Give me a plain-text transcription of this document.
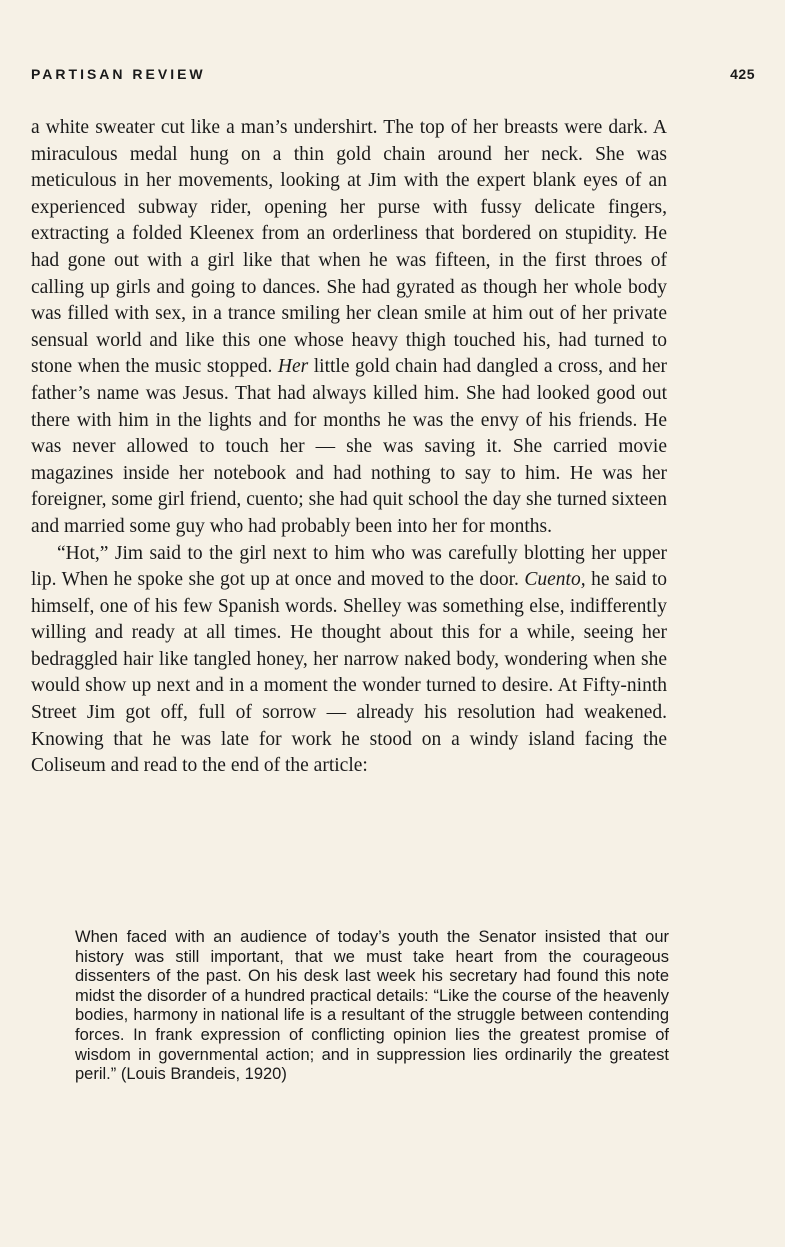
PARTISAN REVIEW	425

a white sweater cut like a man’s undershirt. The top of her breasts were dark. A miraculous medal hung on a thin gold chain around her neck. She was meticulous in her movements, looking at Jim with the expert blank eyes of an experienced subway rider, opening her purse with fussy delicate fingers, extracting a folded Kleenex from an orderliness that bordered on stupidity. He had gone out with a girl like that when he was fifteen, in the first throes of calling up girls and going to dances. She had gyrated as though her whole body was filled with sex, in a trance smiling her clean smile at him out of her private sensual world and like this one whose heavy thigh touched his, had turned to stone when the music stopped. Her little gold chain had dangled a cross, and her father’s name was Jesus. That had always killed him. She had looked good out there with him in the lights and for months he was the envy of his friends. He was never allowed to touch her — she was saving it. She carried movie magazines inside her notebook and had nothing to say to him. He was her foreigner, some girl friend, cuento; she had quit school the day she turned sixteen and married some guy who had probably been into her for months.

“Hot,” Jim said to the girl next to him who was carefully blotting her upper lip. When he spoke she got up at once and moved to the door. Cuento, he said to himself, one of his few Spanish words. Shelley was something else, indifferently willing and ready at all times. He thought about this for a while, seeing her bedraggled hair like tangled honey, her narrow naked body, wondering when she would show up next and in a moment the wonder turned to desire. At Fifty-ninth Street Jim got off, full of sorrow — already his resolution had weakened. Knowing that he was late for work he stood on a windy island facing the Coliseum and read to the end of the article:

When faced with an audience of today’s youth the Senator insisted that our history was still important, that we must take heart from the courageous dissenters of the past. On his desk last week his secretary had found this note midst the disorder of a hundred practical details: “Like the course of the heavenly bodies, harmony in national life is a resultant of the struggle between contending forces. In frank expression of conflicting opinion lies the greatest promise of wisdom in governmental action; and in suppression lies ordinarily the greatest peril.” (Louis Brandeis, 1920)
